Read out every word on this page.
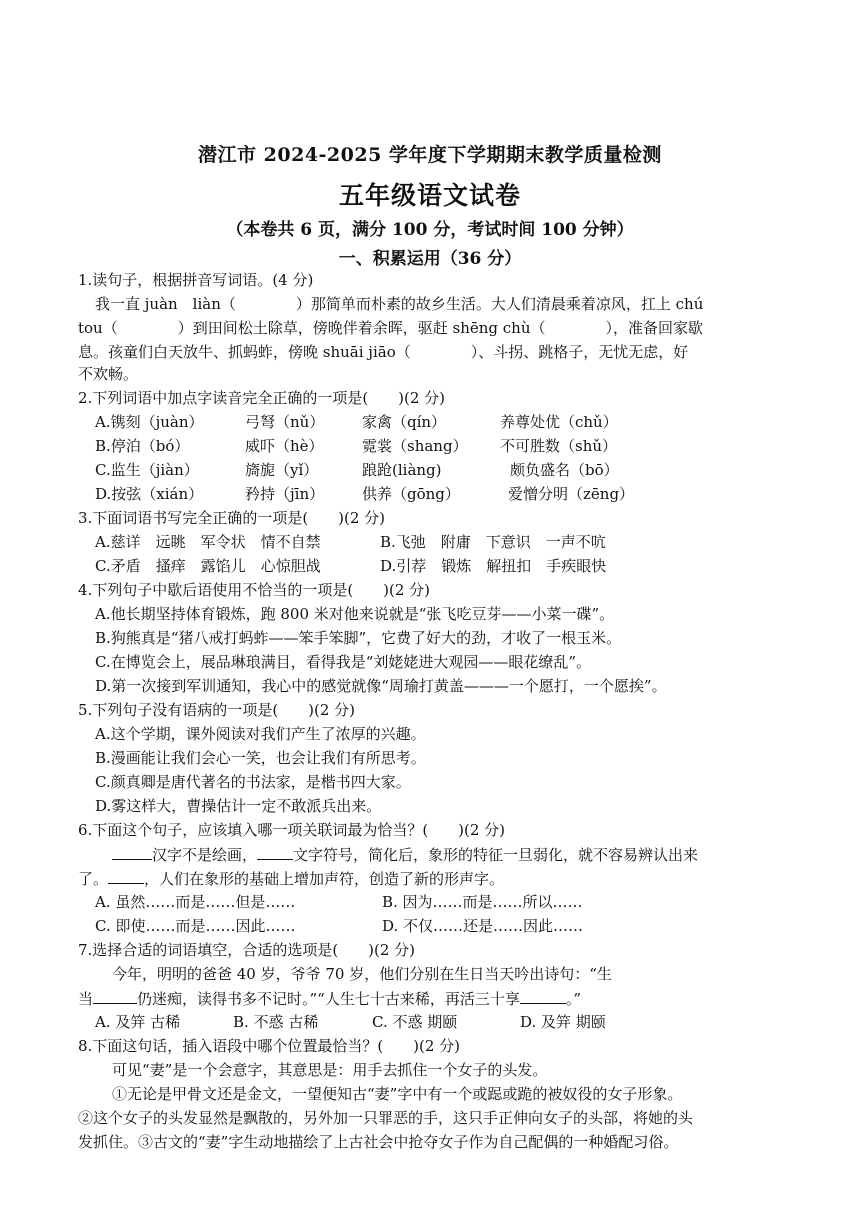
潜江市 2024-2025 学年度下学期期末教学质量检测
五年级语文试卷
（本卷共 6 页，满分 100 分，考试时间 100 分钟）
一、积累运用（36 分）
1.读句子，根据拼音写词语。(4 分)
我一直 juàn　liàn（　　　　）那简单而朴素的故乡生活。大人们清晨乘着凉风，扛上 chú
tou（　　　　）到田间松土除草，傍晚伴着余晖，驱赶 shēng chù（　　　　），准备回家歇
息。孩童们白天放牛、抓蚂蚱，傍晚 shuāi jiāo（　　　　）、斗拐、跳格子，无忧无虑，好
不欢畅。
2.下列词语中加点字读音完全正确的一项是(　　)(2 分)
A.镌刻（juàn）	弓弩（nǔ）	家禽（qín）	养尊处优（chǔ）
B.停泊（bó）	威吓（hè）	霓裳（shang） 不可胜数（shǔ）
C.监生（jiàn）	旖旎（yǐ）	踉跄(liàng)	颇负盛名（bō）
D.按弦（xián）	矜持（jīn）	供养（gōng）	爱憎分明（zēng）
3.下面词语书写完全正确的一项是(　　)(2 分)
A.慈详　远眺　军令状　情不自禁	B.飞弛　附庸　下意识　一声不吭
C.矛盾　搔痒　露馅儿　心惊胆战	D.引荐　锻炼　解扭扣　手疾眼快
4.下列句子中歇后语使用不恰当的一项是(　　)(2 分)
A.他长期坚持体育锻炼，跑 800 米对他来说就是“张飞吃豆芽——小菜一碟”。
B.狗熊真是“猪八戒打蚂蚱——笨手笨脚”，它费了好大的劲，才收了一根玉米。
C.在博览会上，展品琳琅满目，看得我是“刘姥姥进大观园——眼花缭乱”。
D.第一次接到军训通知，我心中的感觉就像“周瑜打黄盖———一个愿打，一个愿挨”。
5.下列句子没有语病的一项是(　　)(2 分)
A.这个学期，课外阅读对我们产生了浓厚的兴趣。
B.漫画能让我们会心一笑，也会让我们有所思考。
C.颜真卿是唐代著名的书法家，是楷书四大家。
D.雾这样大，曹操估计一定不敢派兵出来。
6.下面这个句子，应该填入哪一项关联词最为恰当？(　　)(2 分)
汉字不是绘画， 文字符号，简化后，象形的特征一旦弱化，就不容易辨认出来
了。 ，人们在象形的基础上增加声符，创造了新的形声字。
A. 虽然……而是……但是……	B. 因为……而是……所以……
C. 即使……而是……因此……	D. 不仅……还是……因此……
7.选择合适的词语填空，合适的选项是(　　)(2 分)
今年，明明的爸爸 40 岁，爷爷 70 岁，他们分别在生日当天吟出诗句：“生
当	仍迷痴，读得书多不记时。”“人生七十古来稀，再活三十享	。”
A. 及笄 古稀	B. 不惑 古稀	C. 不惑 期颐	D. 及笄 期颐
8.下面这句话，插入语段中哪个位置最恰当？(　　)(2 分)
可见“妻”是一个会意字，其意思是：用手去抓住一个女子的头发。
①无论是甲骨文还是金文，一望便知古“妻”字中有一个或跽或跪的被奴役的女子形象。
②这个女子的头发显然是飘散的，另外加一只罪恶的手，这只手正伸向女子的头部，将她的头
发抓住。③古文的“妻”字生动地描绘了上古社会中抢夺女子作为自己配偶的一种婚配习俗。
